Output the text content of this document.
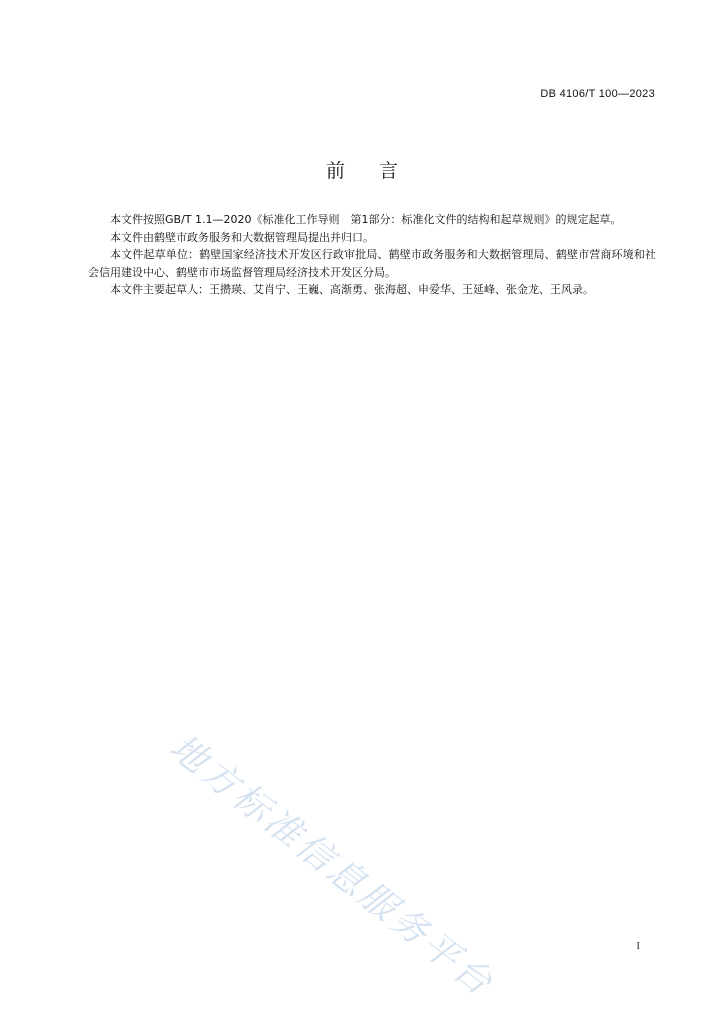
DB 4106/T 100—2023
前言

本文件按照GB/T 1.1—2020《标准化工作导则　第1部分：标准化文件的结构和起草规则》的规定起草。

本文件由鹤壁市政务服务和大数据管理局提出并归口。

本文件起草单位：鹤壁国家经济技术开发区行政审批局、鹤壁市政务服务和大数据管理局、鹤壁市营商环境和社会信用建设中心、鹤壁市市场监督管理局经济技术开发区分局。

本文件主要起草人：王攒瑛、艾肖宁、王巍、高渐勇、张海超、申爱华、王延峰、张金龙、王风录。

地方标准信息服务平台	I
